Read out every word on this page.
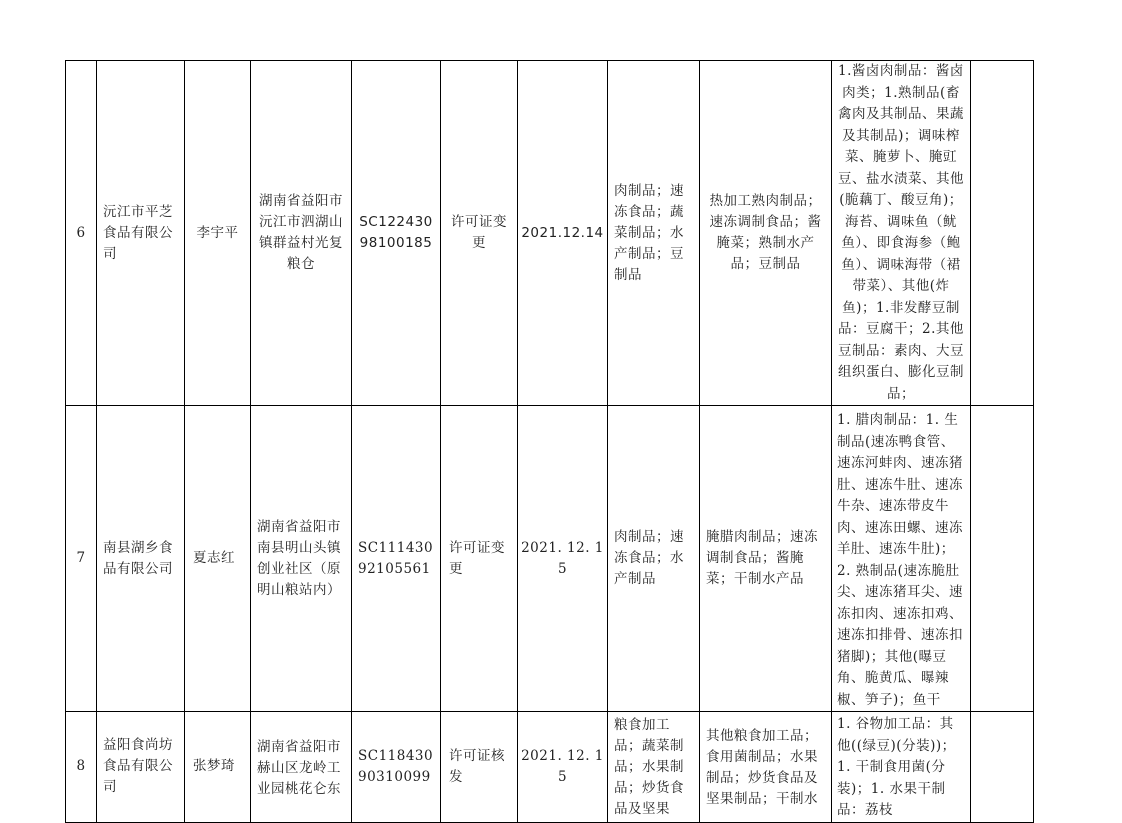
6	沅江市平芝食品有限公司	李宇平	湖南省益阳市沅江市泗湖山镇群益村光复粮仓	SC12243098100185	许可证变更	2021.12.14	肉制品；速冻食品；蔬菜制品；水产制品；豆制品	热加工熟肉制品；速冻调制食品；酱腌菜；熟制水产品；豆制品	1.酱卤肉制品：酱卤肉类；1.熟制品(畜禽肉及其制品、果蔬及其制品)；调味榨菜、腌萝卜、腌豇豆、盐水渍菜、其他(脆藕丁、酸豆角)；海苔、调味鱼（鱿鱼）、即食海参（鲍鱼）、调味海带（裙带菜）、其他(炸鱼)；1.非发酵豆制品：豆腐干；2.其他豆制品：素肉、大豆组织蛋白、膨化豆制品；	

7	南县湖乡食品有限公司	夏志红	湖南省益阳市南县明山头镇创业社区（原明山粮站内）	SC11143092105561	许可证变更	2021. 12. 15	肉制品；速冻食品；水产制品	腌腊肉制品；速冻调制食品；酱腌菜；干制水产品	1. 腊肉制品：1. 生制品(速冻鸭食管、速冻河蚌肉、速冻猪肚、速冻牛肚、速冻牛杂、速冻带皮牛肉、速冻田螺、速冻羊肚、速冻牛肚)；2. 熟制品(速冻脆肚尖、速冻猪耳尖、速冻扣肉、速冻扣鸡、速冻扣排骨、速冻扣猪脚)；其他(曝豆角、脆黄瓜、曝辣椒、笋子)；鱼干	

8	益阳食尚坊食品有限公司	张梦琦	湖南省益阳市赫山区龙岭工业园桃花仑东	SC11843090310099	许可证核发	2021. 12. 15	粮食加工品；蔬菜制品；水果制品；炒货食品及坚果	其他粮食加工品；食用菌制品；水果制品；炒货食品及坚果制品；干制水	1. 谷物加工品：其他((绿豆)(分装))；1. 干制食用菌(分装)；1. 水果干制品：荔枝	
